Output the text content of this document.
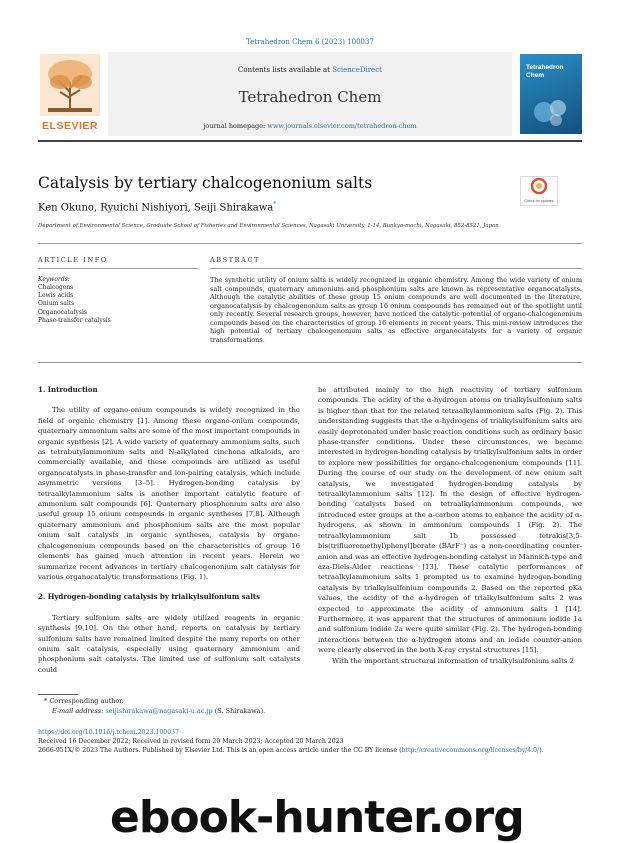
Tetrahedron Chem 6 (2023) 100037
ELSEVIER
Contents lists available at ScienceDirect
Tetrahedron Chem
journal homepage: www.journals.elsevier.com/tetrahedron-chem
Tetrahedron Chem
Catalysis by tertiary chalcogenonium salts
Ken Okuno, Ryuichi Nishiyori, Seiji Shirakawa*	Check for updates
Department of Environmental Science, Graduate School of Fisheries and Environmental Sciences, Nagasaki University, 1-14, Bunkyo-machi, Nagasaki, 852-8521, Japan
ARTICLE INFO	ABSTRACT
Keywords:
Chalcogens
Lewis acids
Onium salts
Organocatalysis
Phase-transfer catalysis
The synthetic utility of onium salts is widely recognized in organic chemistry. Among the wide variety of onium salt compounds, quaternary ammonium and phosphonium salts are known as representative organocatalysts. Although the catalytic abilities of these group 15 onium compounds are well documented in the literature, organocatalysis by chalcogenonium salts as group 16 onium compounds has remained out of the spotlight until only recently. Several research groups, however, have noticed the catalytic potential of organo-chalcogenonium compounds based on the characteristics of group 16 elements in recent years. This mini-review introduces the high potential of tertiary chalcogenonium salts as effective organocatalysts for a variety of organic transformations.
1. Introduction

The utility of organo-onium compounds is widely recognized in the field of organic chemistry [1]. Among these organo-onium compounds, quaternary ammonium salts are some of the most important compounds in organic synthesis [2]. A wide variety of quaternary ammonium salts, such as tetrabutylammonium salts and N-alkylated cinchona alkaloids, are commercially available, and these compounds are utilized as useful organocatalysts in phase-transfer and ion-pairing catalysis, which include asymmetric versions [3–5]. Hydrogen-bonding catalysis by tetraalkylammonium salts is another important catalytic feature of ammonium salt compounds [6]. Quaternary phosphonium salts are also useful group 15 onium compounds in organic syntheses [7,8]. Although quaternary ammonium and phosphonium salts are the most popular onium salt catalysts in organic syntheses, catalysis by organo-chalcogenonium compounds based on the characteristics of group 16 elements has gained much attention in recent years. Herein we summarize recent advances in tertiary chalcogenonium salt catalysis for various organocatalytic transformations (Fig. 1).

2. Hydrogen-bonding catalysis by trialkylsulfonium salts

Tertiary sulfonium salts are widely utilized reagents in organic synthesis [9,10]. On the other hand, reports on catalysis by tertiary sulfonium salts have remained limited despite the many reports on other onium salt catalysis, especially using quaternary ammonium and phosphonium salt catalysts. The limited use of sulfonium salt catalysts could

be attributed mainly to the high reactivity of tertiary sulfonium compounds. The acidity of the α-hydrogen atoms on trialkylsulfonium salts is higher than that for the related tetraalkylammonium salts (Fig. 2). This understanding suggests that the α-hydrogens of trialkylsulfonium salts are easily deprotonated under basic reaction conditions such as ordinary basic phase-transfer conditions. Under these circumstances, we became interested in hydrogen-bonding catalysis by trialkylsulfonium salts in order to explore new possibilities for organo-chalcogenonium compounds [11]. During the course of our study on the development of new onium salt catalysis, we investigated hydrogen-bonding catalysis by tetraalkylammonium salts [12]. In the design of effective hydrogen-bonding catalysts based on tetraalkylammonium compounds, we introduced ester groups at the α-carbon atoms to enhance the acidity of α-hydrogens, as shown in ammonium compounds 1 (Fig. 2). The tetraalkylammonium salt 1b possessed tetrakis[3,5-bis(trifluoromethyl)phenyl]borate (BArF⁻) as a non-coordinating counter-anion and was an effective hydrogen-bonding catalyst in Mannich-type and aza-Diels-Alder reactions [13]. These catalytic performances of tetraalkylammonium salts 1 prompted us to examine hydrogen-bonding catalysis by trialkylsulfonium compounds 2. Based on the reported pKa values, the acidity of the α-hydrogen of trialkylsulfonium salts 2 was expected to approximate the acidity of ammonium salts 1 [14]. Furthermore, it was apparent that the structures of ammonium iodide 1a and sulfonium iodide 2a were quite similar (Fig. 2). The hydrogen-bonding interactions between the α-hydrogen atoms and an iodide counter-anion were clearly observed in the both X-ray crystal structures [15].

With the important structural information of trialkylsulfonium salts 2

* Corresponding author.
E-mail address: seijishirakawa@nagasaki-u.ac.jp (S. Shirakawa).
https://doi.org/10.1016/j.tchem.2023.100037
Received 16 December 2022; Received in revised form 20 March 2023; Accepted 20 March 2023
2666-951X/© 2023 The Authors. Published by Elsevier Ltd. This is an open access article under the CC BY license (http://creativecommons.org/licenses/by/4.0/).
ebook-hunter.org
